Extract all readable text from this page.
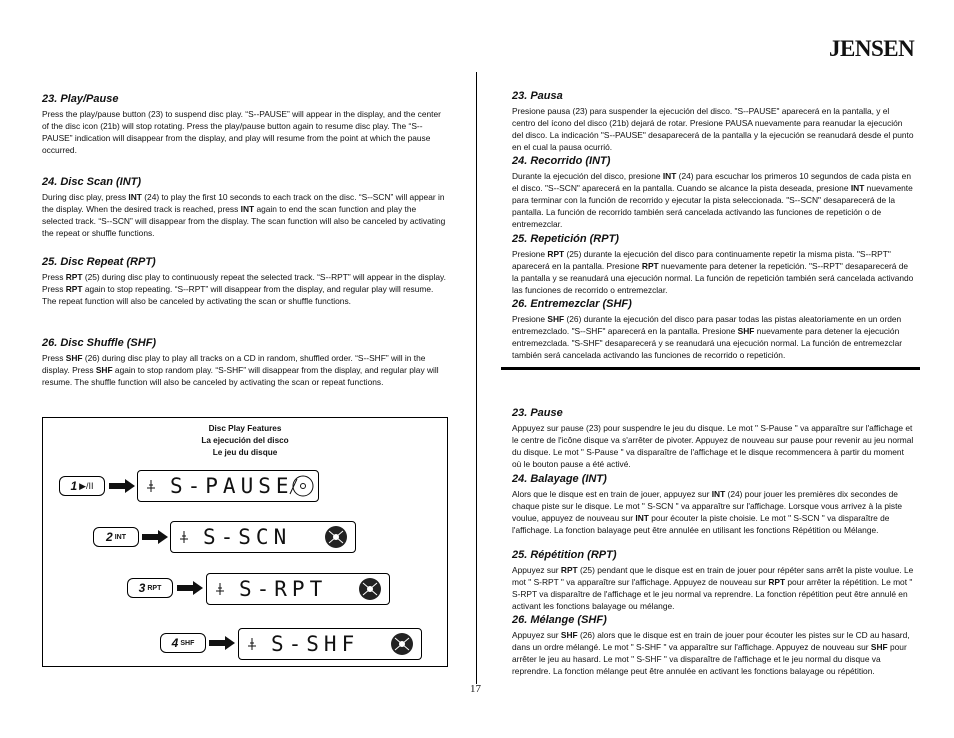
JENSEN
23. Play/Pause

Press the play/pause button (23) to suspend disc play. “S--PAUSE” will appear in the display, and the center of the disc icon (21b) will stop rotating. Press the play/pause button again to resume disc play. The “S--PAUSE” indication will disappear from the display, and play will resume from the point at which the pause occurred.

24. Disc Scan (INT)

During disc play, press INT (24) to play the first 10 seconds to each track on the disc. “S--SCN” will appear in the display. When the desired track is reached, press INT again to end the scan function and play the selected track. “S--SCN” will disappear from the display. The scan function will also be canceled by activating the repeat or shuffle functions.

25. Disc Repeat (RPT)

Press RPT (25) during disc play to continuously repeat the selected track. “S--RPT” will appear in the display. Press RPT again to stop repeating. “S--RPT” will disappear from the display, and regular play will resume. The repeat function will also be canceled by activating the scan or shuffle functions.

26. Disc Shuffle (SHF)

Press SHF (26) during disc play to play all tracks on a CD in random, shuffled order. “S--SHF” will in the display. Press SHF again to stop random play. “S-SHF” will disappear from the display, and regular play will resume. The shuffle function will also be canceled by activating the scan or repeat functions.

Disc Play Features
La ejecución del disco
Le jeu du disque
1 ▶/II	S-PAUSE
2 INT	S-SCN
3 RPT	S-RPT
4 SHF	S-SHF
23. Pausa

Presione pausa (23) para suspender la ejecución del disco. "S--PAUSE" aparecerá en la pantalla, y el centro del ícono del disco (21b) dejará de rotar. Presione PAUSA nuevamente para reanudar la ejecución del disco. La indicación "S--PAUSE" desaparecerá de la pantalla y la ejecución se reanudará desde el punto en el cual la pausa ocurrió.

24. Recorrido (INT)

Durante la ejecución del disco, presione INT (24) para escuchar los primeros 10 segundos de cada pista en el disco. "S--SCN" aparecerá en la pantalla. Cuando se alcance la pista deseada, presione INT nuevamente para terminar con la función de recorrido y ejecutar la pista seleccionada. "S--SCN" desaparecerá de la pantalla. La función de recorrido también será cancelada activando las funciones de repetición o de entremezclar.

25. Repetición (RPT)

Presione RPT (25) durante la ejecución del disco para continuamente repetir la misma pista. "S--RPT" aparecerá en la pantalla. Presione RPT nuevamente para detener la repetición. "S--RPT" desaparecerá de la pantalla y se reanudará una ejecución normal. La función de repetición también será cancelada activando las funciones de recorrido o entremezclar.

26. Entremezclar (SHF)

Presione SHF (26) durante la ejecución del disco para pasar todas las pistas aleatoriamente en un orden entremezclado. "S--SHF" aparecerá en la pantalla. Presione SHF nuevamente para detener la ejecución entremezclada. "S-SHF" desaparecerá y se reanudará una ejecución normal. La función de entremezclar también será cancelada activando las funciones de recorrido o repetición.

23. Pause

Appuyez sur pause (23) pour suspendre le jeu du disque. Le mot " S-Pause " va apparaître sur l'affichage et le centre de l'icône disque va s'arrêter de pivoter. Appuyez de nouveau sur pause pour revenir au jeu normal du disque. Le mot " S-Pause " va disparaître de l'affichage et le disque recommencera à partir du moment où le bouton pause a été activé.

24. Balayage (INT)

Alors que le disque est en train de jouer, appuyez sur INT (24) pour jouer les premières dix secondes de chaque piste sur le disque. Le mot " S-SCN " va apparaître sur l'affichage. Lorsque vous arrivez à la piste voulue, appuyez de nouveau sur INT pour écouter la piste choisie. Le mot " S-SCN " va disparaître de l'affichage. La fonction balayage peut être annulée en utilisant les fonctions Répétition ou Mélange.

25. Répétition (RPT)

Appuyez sur RPT (25) pendant que le disque est en train de jouer pour répéter sans arrêt la piste voulue. Le mot " S-RPT " va apparaître sur l'affichage. Appuyez de nouveau sur RPT pour arrêter la répétition. Le mot " S-RPT va disparaître de l'affichage et le jeu normal va reprendre. La fonction répétition peut être annulé en activant les fonctions balayage ou mélange.

26. Mélange (SHF)

Appuyez sur SHF (26) alors que le disque est en train de jouer pour écouter les pistes sur le CD au hasard, dans un ordre mélangé. Le mot " S-SHF " va apparaître sur l'affichage. Appuyez de nouveau sur SHF pour arrêter le jeu au hasard. Le mot " S-SHF " va disparaître de l'affichage et le jeu normal du disque va reprendre. La fonction mélange peut être annulée en activant les fonctions balayage ou répétition.

17
